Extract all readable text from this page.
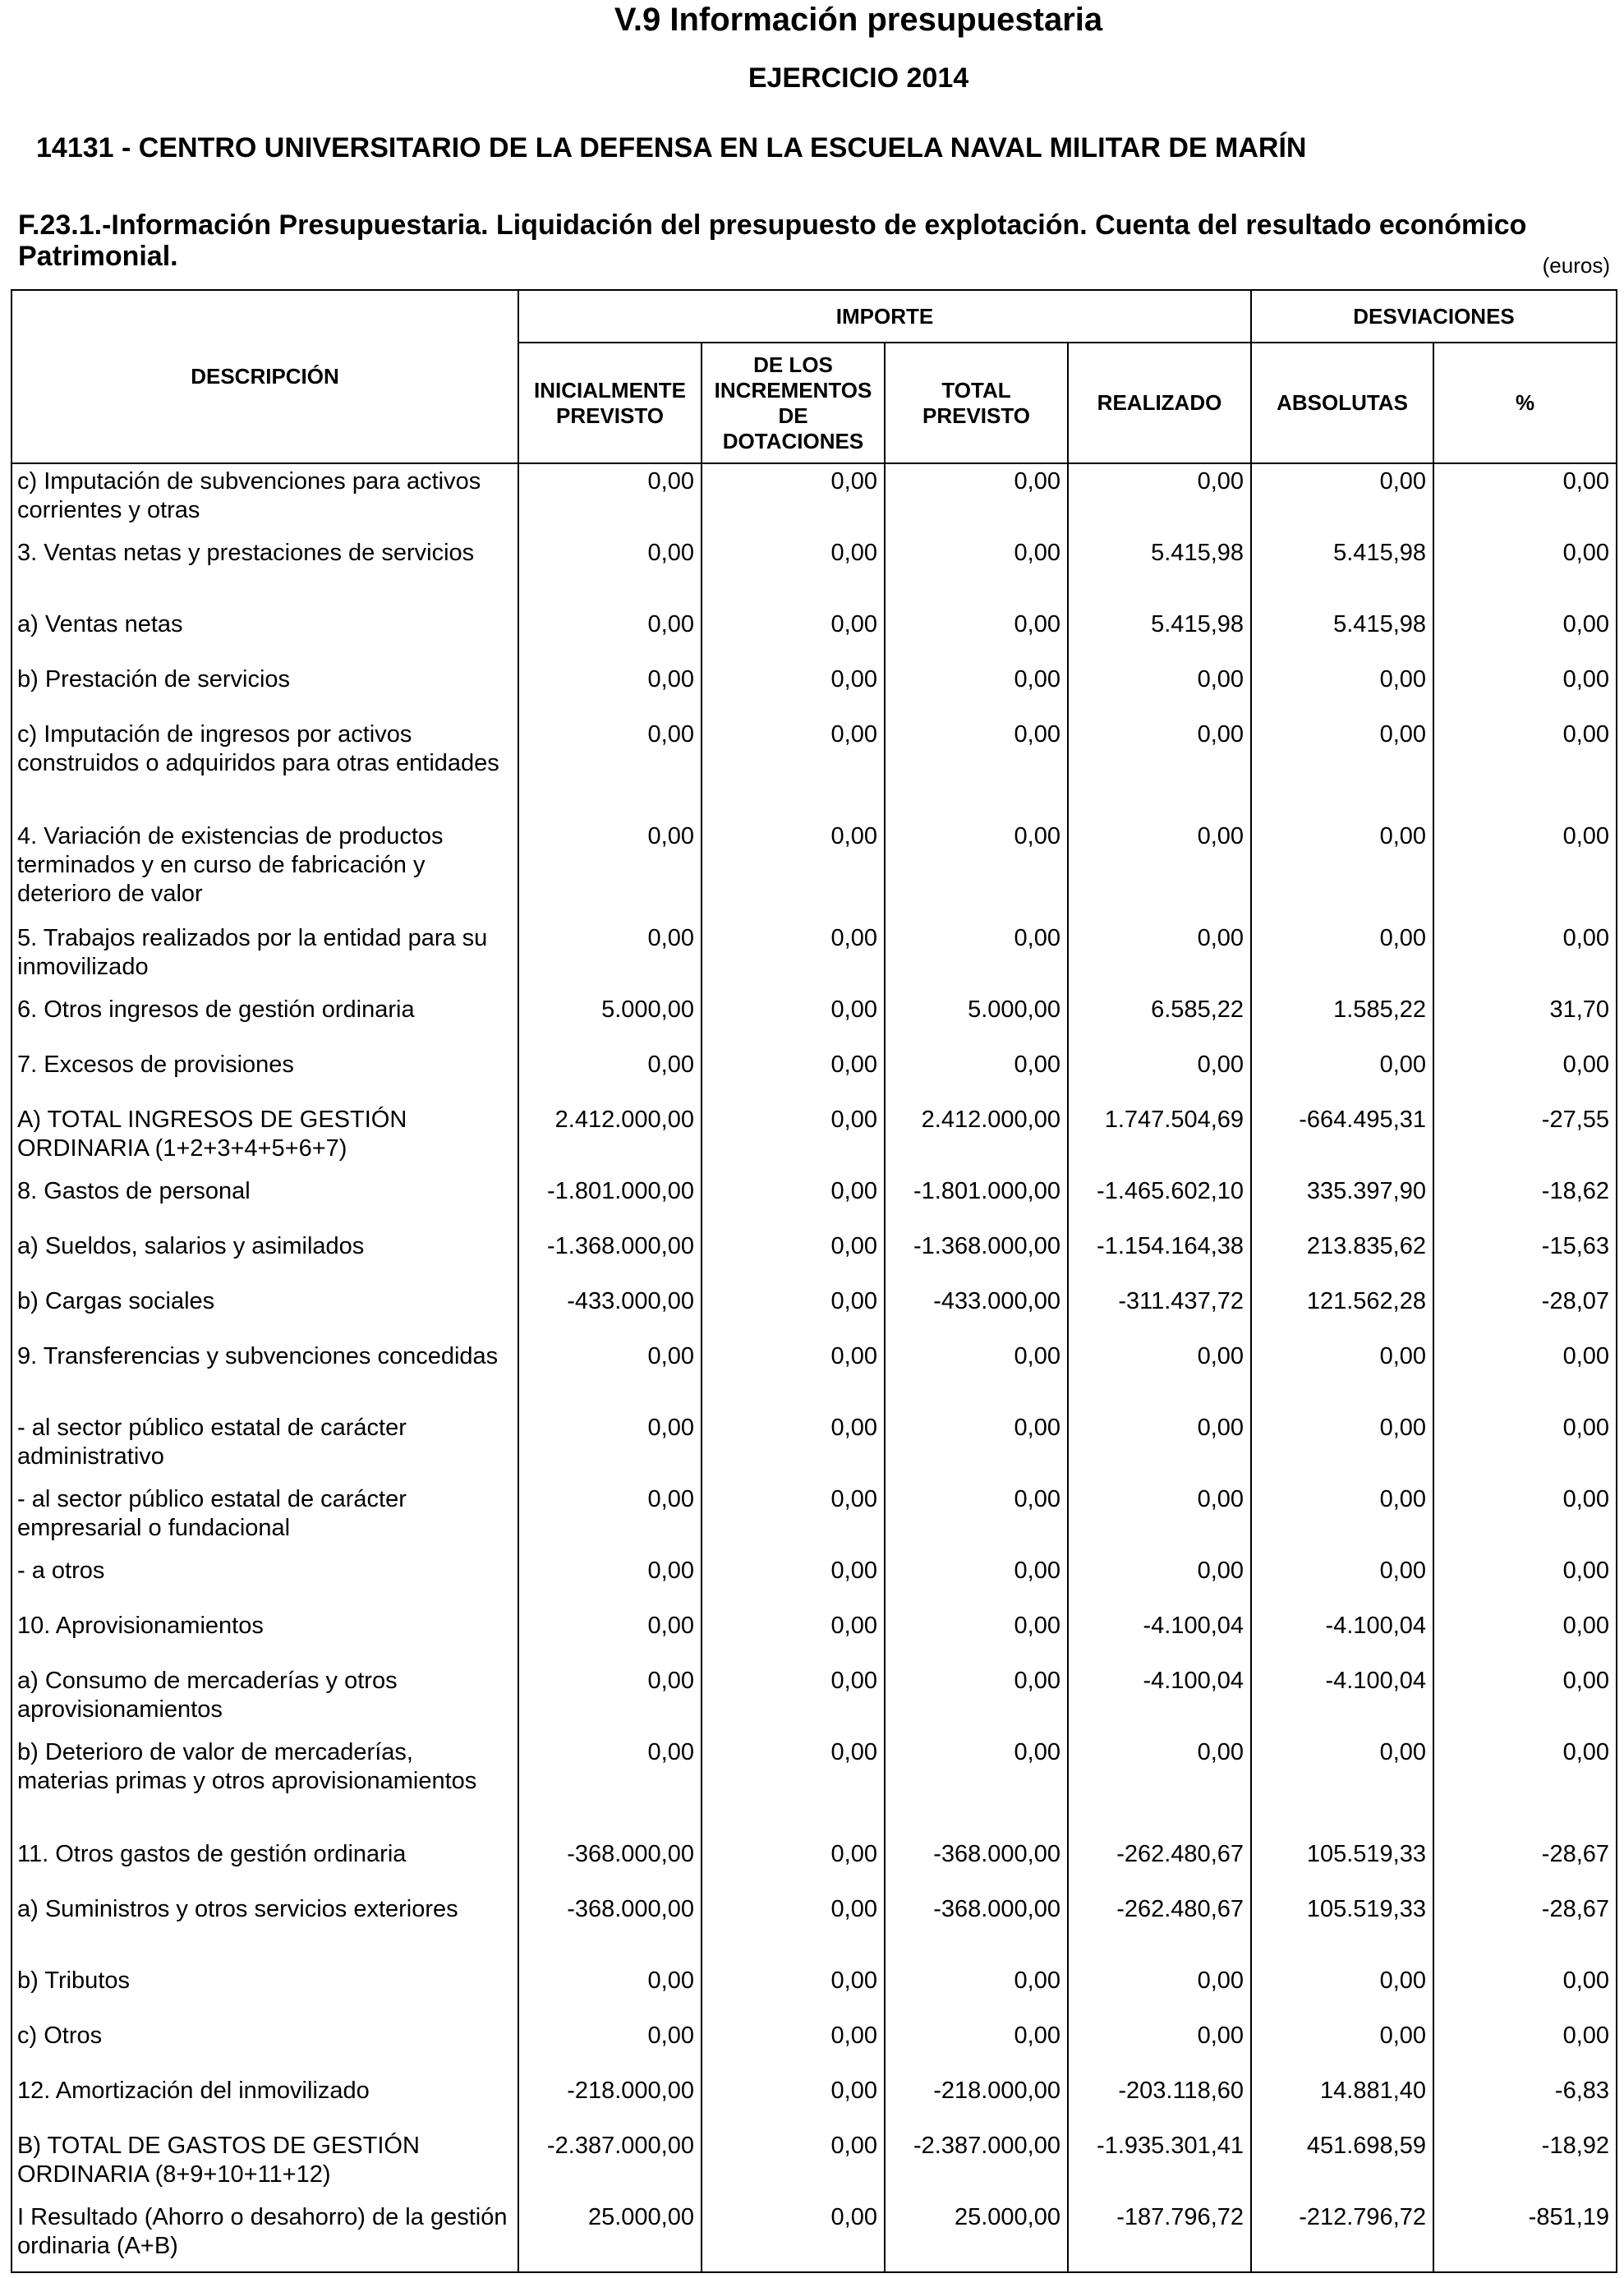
V.9 Información presupuestaria
EJERCICIO 2014
14131 - CENTRO UNIVERSITARIO DE LA DEFENSA EN LA ESCUELA NAVAL MILITAR DE MARÍN
F.23.1.-Información Presupuestaria. Liquidación del presupuesto de explotación. Cuenta del resultado económico Patrimonial.	(euros)
DESCRIPCIÓN	IMPORTE				DESVIACIONES	
	INICIALMENTE PREVISTO	DE LOS INCREMENTOS DE DOTACIONES	TOTAL PREVISTO	REALIZADO	ABSOLUTAS	%
c) Imputación de subvenciones para activos corrientes y otras	0,00	0,00	0,00	0,00	0,00	0,00
3. Ventas netas y prestaciones de servicios	0,00	0,00	0,00	5.415,98	5.415,98	0,00
a) Ventas netas	0,00	0,00	0,00	5.415,98	5.415,98	0,00
b) Prestación de servicios	0,00	0,00	0,00	0,00	0,00	0,00
c) Imputación de ingresos por activos construidos o adquiridos para otras entidades	0,00	0,00	0,00	0,00	0,00	0,00
4. Variación de existencias de productos terminados y en curso de fabricación y deterioro de valor	0,00	0,00	0,00	0,00	0,00	0,00
5. Trabajos realizados por la entidad para su inmovilizado	0,00	0,00	0,00	0,00	0,00	0,00
6. Otros ingresos de gestión ordinaria	5.000,00	0,00	5.000,00	6.585,22	1.585,22	31,70
7. Excesos de provisiones	0,00	0,00	0,00	0,00	0,00	0,00
A) TOTAL INGRESOS DE GESTIÓN ORDINARIA (1+2+3+4+5+6+7)	2.412.000,00	0,00	2.412.000,00	1.747.504,69	-664.495,31	-27,55
8. Gastos de personal	-1.801.000,00	0,00	-1.801.000,00	-1.465.602,10	335.397,90	-18,62
a) Sueldos, salarios y asimilados	-1.368.000,00	0,00	-1.368.000,00	-1.154.164,38	213.835,62	-15,63
b) Cargas sociales	-433.000,00	0,00	-433.000,00	-311.437,72	121.562,28	-28,07
9. Transferencias y subvenciones concedidas	0,00	0,00	0,00	0,00	0,00	0,00
- al sector público estatal de carácter administrativo	0,00	0,00	0,00	0,00	0,00	0,00
- al sector público estatal de carácter empresarial o fundacional	0,00	0,00	0,00	0,00	0,00	0,00
- a otros	0,00	0,00	0,00	0,00	0,00	0,00
10. Aprovisionamientos	0,00	0,00	0,00	-4.100,04	-4.100,04	0,00
a) Consumo de mercaderías y otros aprovisionamientos	0,00	0,00	0,00	-4.100,04	-4.100,04	0,00
b) Deterioro de valor de mercaderías, materias primas y otros aprovisionamientos	0,00	0,00	0,00	0,00	0,00	0,00
11. Otros gastos de gestión ordinaria	-368.000,00	0,00	-368.000,00	-262.480,67	105.519,33	-28,67
a) Suministros y otros servicios exteriores	-368.000,00	0,00	-368.000,00	-262.480,67	105.519,33	-28,67
b) Tributos	0,00	0,00	0,00	0,00	0,00	0,00
c) Otros	0,00	0,00	0,00	0,00	0,00	0,00
12. Amortización del inmovilizado	-218.000,00	0,00	-218.000,00	-203.118,60	14.881,40	-6,83
B) TOTAL DE GASTOS DE GESTIÓN ORDINARIA (8+9+10+11+12)	-2.387.000,00	0,00	-2.387.000,00	-1.935.301,41	451.698,59	-18,92
I Resultado (Ahorro o desahorro) de la gestión ordinaria (A+B)	25.000,00	0,00	25.000,00	-187.796,72	-212.796,72	-851,19
